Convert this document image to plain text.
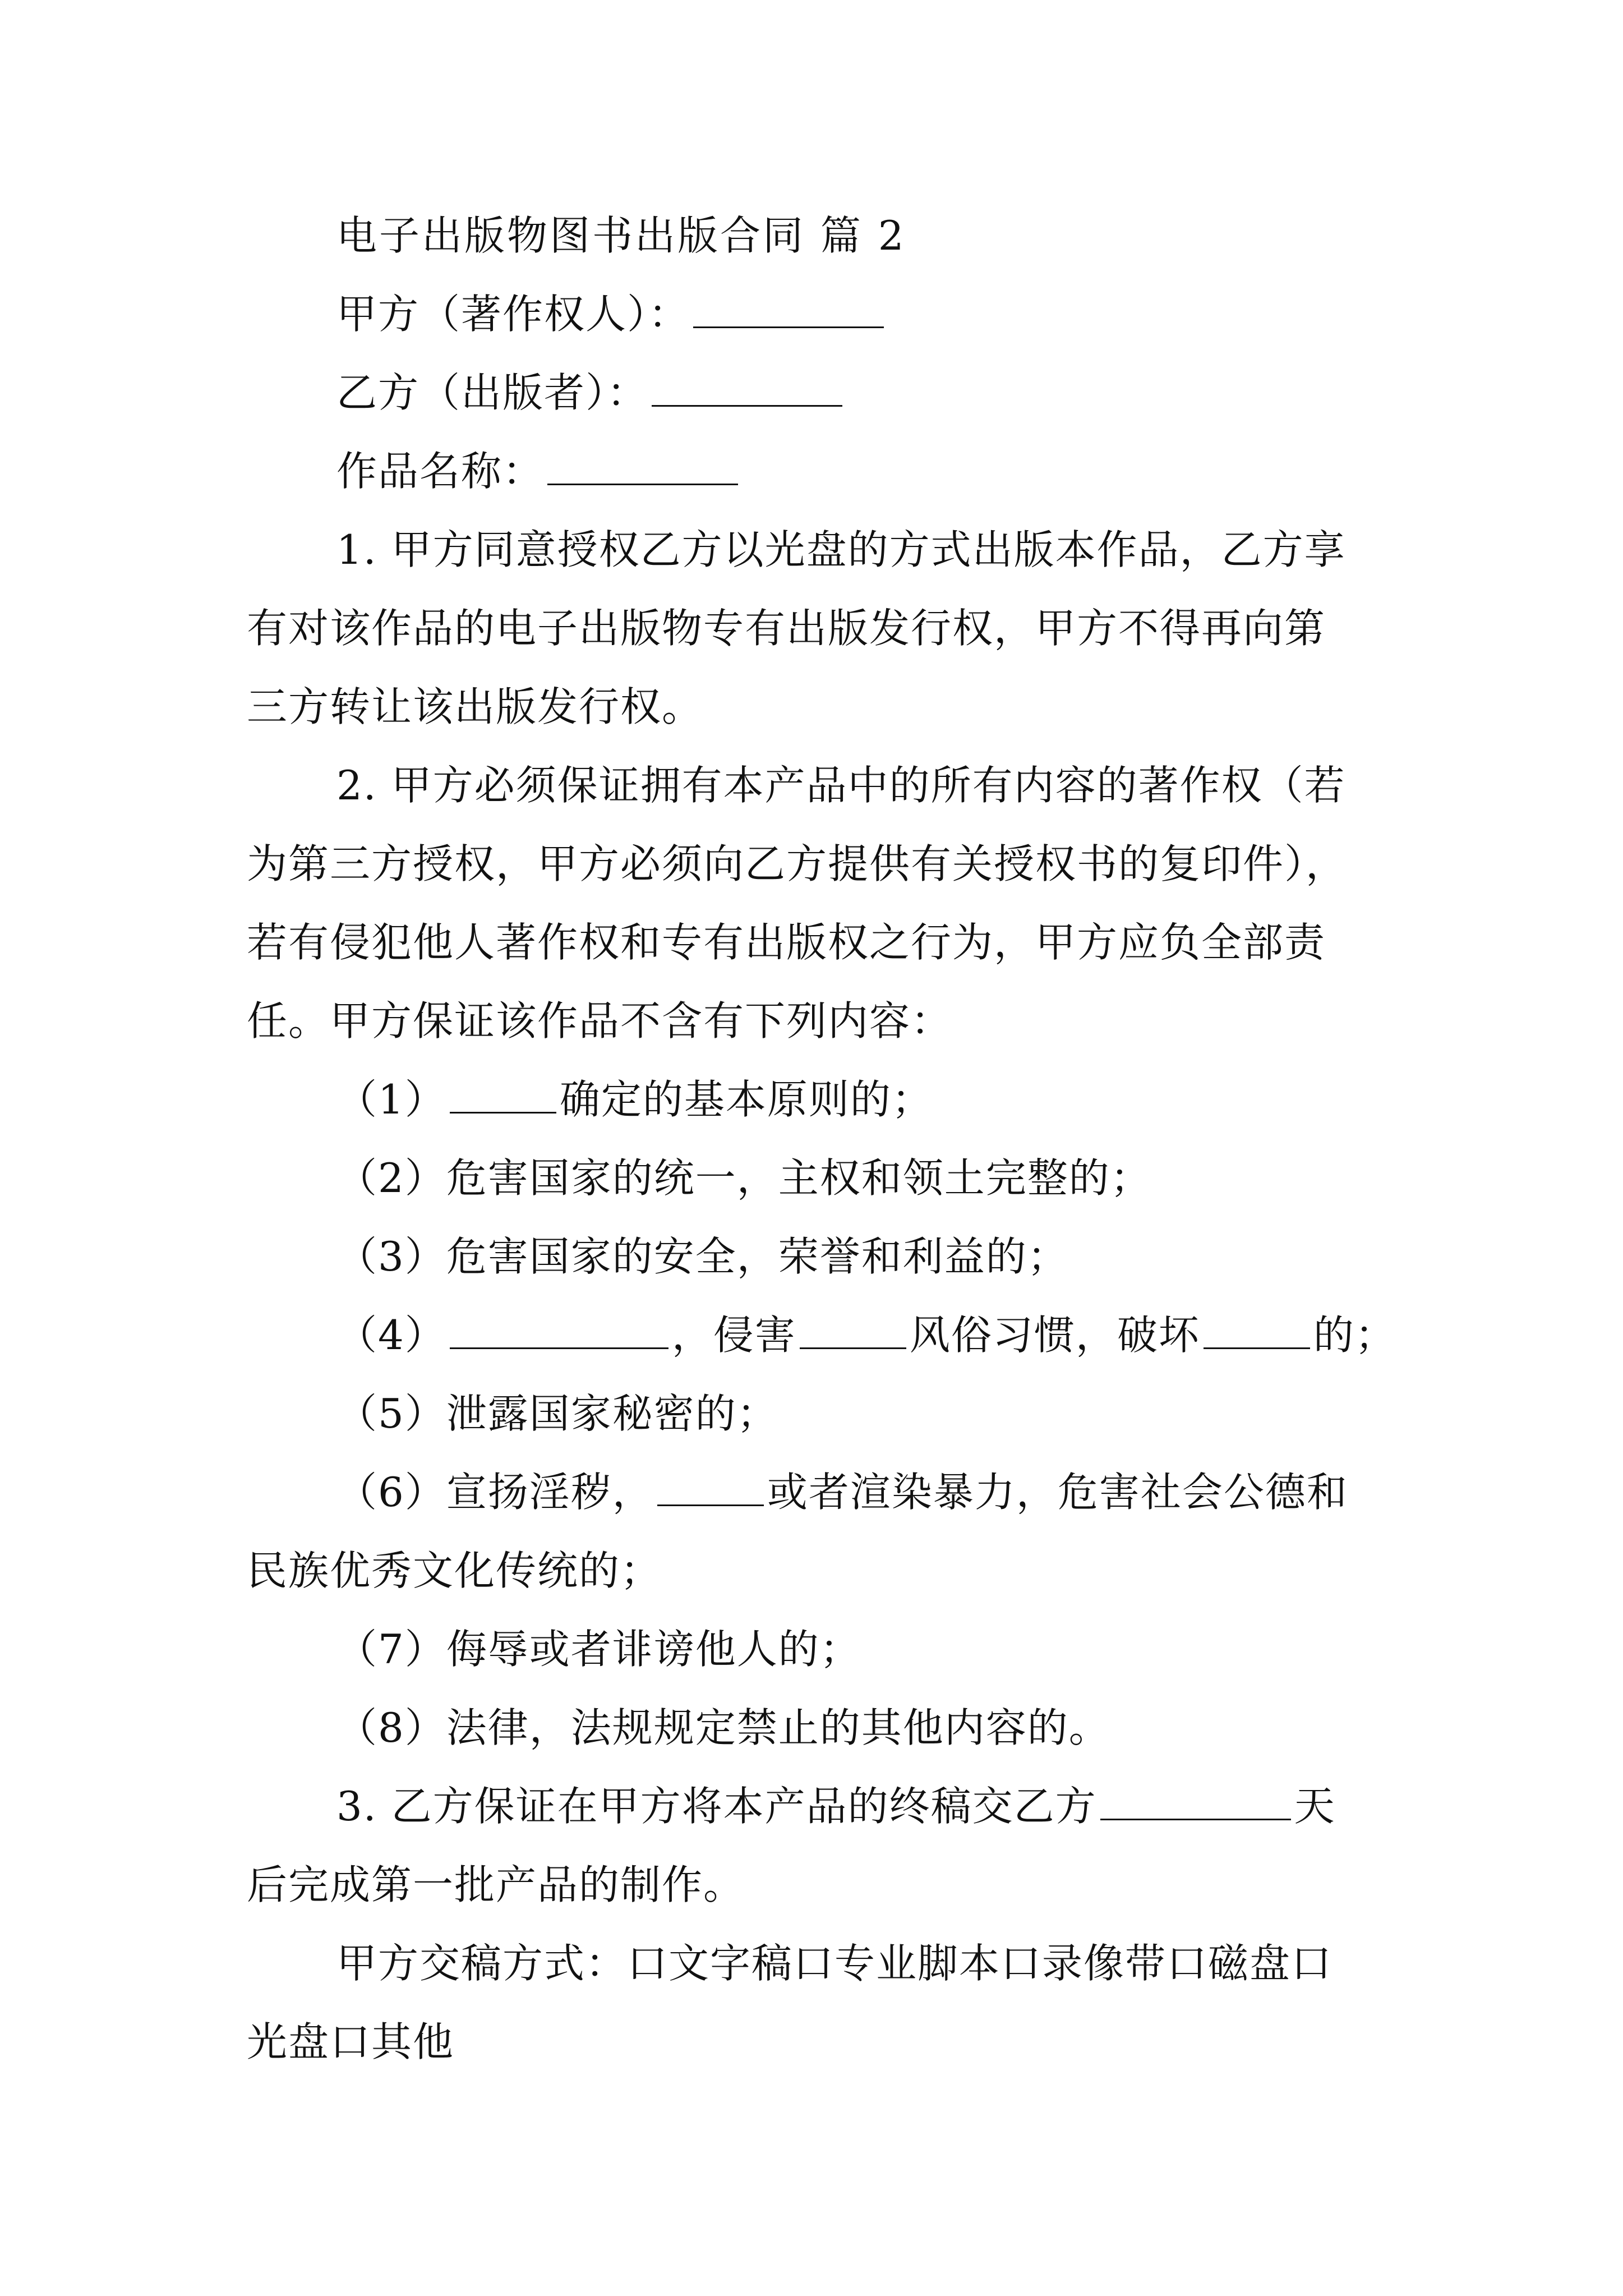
电子出版物图书出版合同 篇 2
甲方（著作权人）：
乙方（出版者）：
作品名称：
1. 甲方同意授权乙方以光盘的方式出版本作品，乙方享
有对该作品的电子出版物专有出版发行权，甲方不得再向第
三方转让该出版发行权。
2. 甲方必须保证拥有本产品中的所有内容的著作权（若
为第三方授权，甲方必须向乙方提供有关授权书的复印件），
若有侵犯他人著作权和专有出版权之行为，甲方应负全部责
任。甲方保证该作品不含有下列内容：
（1）	确定的基本原则的；
（2）危害国家的统一，主权和领土完整的；
（3）危害国家的安全，荣誉和利益的；
（4）	，侵害	风俗习惯，破坏	的；
（5）泄露国家秘密的；
（6）宣扬淫秽，	或者渲染暴力，危害社会公德和
民族优秀文化传统的；
（7）侮辱或者诽谤他人的；
（8）法律，法规规定禁止的其他内容的。
3. 乙方保证在甲方将本产品的终稿交乙方	天
后完成第一批产品的制作。
甲方交稿方式：口文字稿口专业脚本口录像带口磁盘口
光盘口其他
